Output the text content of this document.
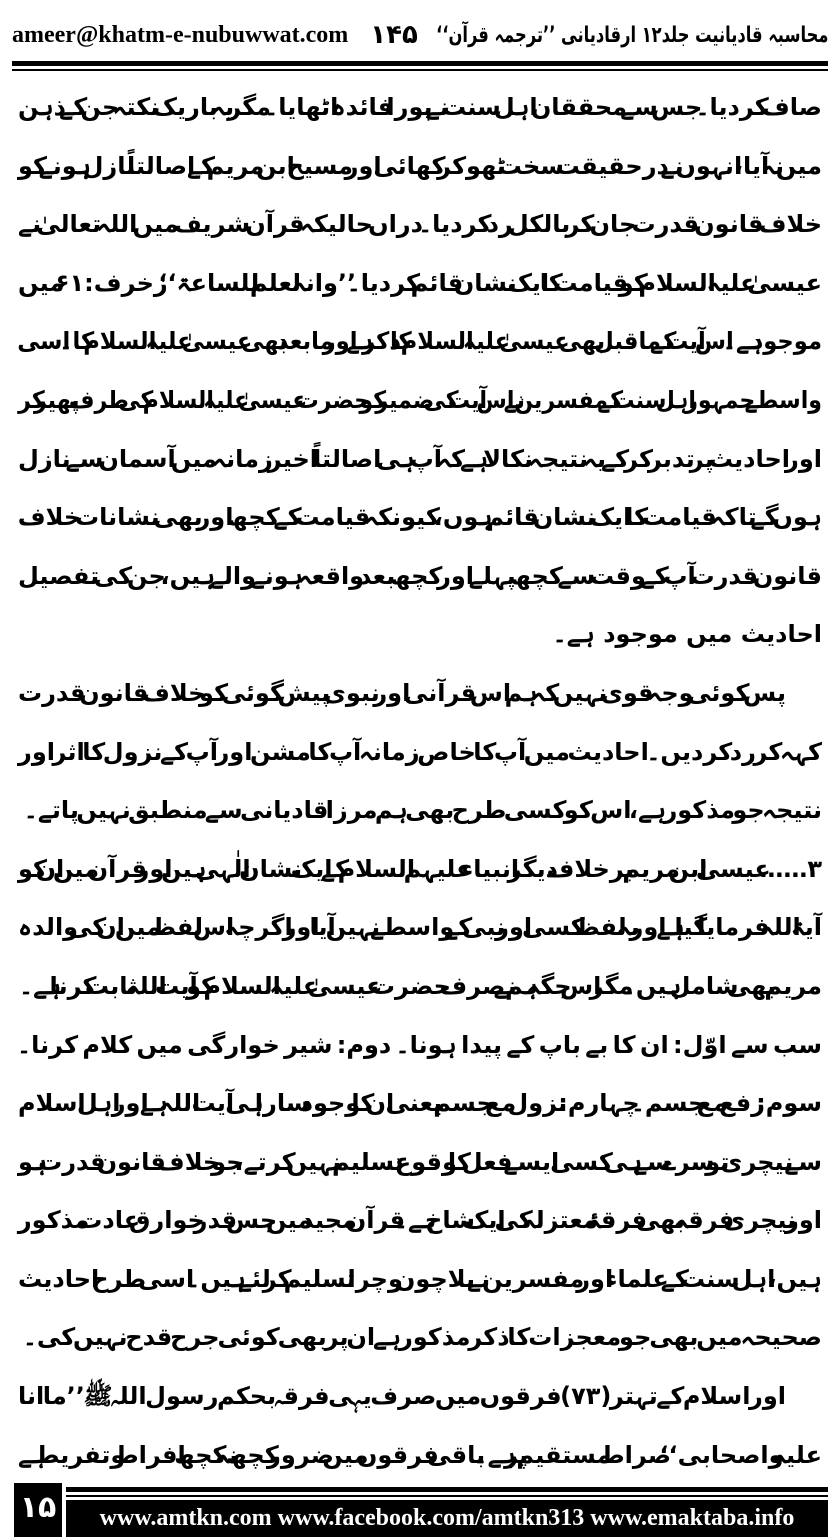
ameer@khatm-e-nubuwwat.com ۱۴۵ محاسبہ قادیانیت جلد۱۲ ارقادیانی ’’ترجمہ قرآن‘‘
صاف کردیا۔ جس سے محققان اہل سنت نے پورا فائدہ اٹھایا۔ مگر یہ باریک نکتہ جن کے ذہن
میں نہ آیا، انہوں نے درحقیقت سخت ٹھوکر کھائی اور مسیح ابن مریم کے اصالتاً نازل ہونے کو
خلاف قانون قدرت جان کر بالکل رد کردیا۔ دراں حالیکہ قرآن شریف میں اللہ تعالیٰ نے
عیسیٰ علیہ السلام کو قیامت کا ایک نشان قائم کردیا۔ ’’وانہ لعلم للساعۃ‘‘ زخرف:۶۱ میں
موجود ہے۔ اس آیت کے ماقبل بھی عیسیٰ علیہ السلام کا ذکر ہے اور مابعد بھی عیسیٰ علیہ السلام کا۔ اسی
واسطے جمہور اہل سنت کے مفسرین نے اس آیت کی ضمیر کو حضرت عیسیٰ علیہ السلام کی طرف پھیر کر
اور احادیث پر تدبر کر کے یہ نتیجہ نکالا ہے کہ آپ ہی اصالتاً اخیر زمانہ میں آسمان سے نازل
ہوں گے تاکہ قیامت کا ایک نشان قائم ہوں، کیونکہ قیامت کے کچھ اور بھی نشانات خلاف
قانون قدرت آپ کے وقت سے کچھ پہلے اور کچھ بعد واقعہ ہونے والے ہیں، جن کی تفصیل
احادیث میں موجود ہے۔
پس کوئی وجہ قوی نہیں کہ ہم اس قرآنی اور نبوی پیش گوئی کو خلاف قانون قدرت
کہہ کر رد کردیں۔ احادیث میں آپ کا خاص زمانہ آپ کا مشن اور آپ کے نزول کا اثر اور
نتیجہ جو مذکور ہے، اس کو کسی طرح بھی ہم مرزا قادیانی سے منطبق نہیں پاتے۔
۳…… عیسیٰ ابن مریم برخلاف دیگر انبیاء علیہم السلام کے ایک نشان الٰہی ہیں اور قرآن میں ان کو
آیۃ اللہ فرمایا گیا ہے اور یہ لفظ کسی اور نبی کے واسطے نہیں آیا اور اگرچہ اس لفظ میں ان کی والدہ
مریم بھی شامل ہیں۔ مگر اس جگہ ہم نے صرف حضرت عیسیٰ علیہ السلام کو آیت اللہ ثابت کرنا ہے۔
سب سے اوّل: ان کا بے باپ کے پیدا ہونا۔ دوم: شیر خوارگی میں کلام کرنا۔
سوم: رفع مع جسم۔ چہارم: نزول مع جسم یعنی ان کا وجود سارا ہی آیت اللہ ہے اور اہل اسلام
سے نیچری تو سرے سے ہی کسی ایسے فعل کا وقوع تسلیم نہیں کرتے، جو خلاف قانون قدرت ہو
اور نیچری فرقہ بھی فرقۂ معتزلہ کی ایک شاخ ہے۔ قرآن مجید میں جس قدر خوارق عادت مذکور
ہیں، اہل سنت کے علماء اور مفسرین نے بلاچون وچرا تسلیم کر لئے ہیں۔ اسی طرح احادیث
صحیحہ میں بھی جو معجزات کا ذکر مذکور ہے ان پر بھی کوئی جرح قدح نہیں کی۔
اور اسلام کے تہتر (۷۳) فرقوں میں صرف یہی فرقہ بحکم رسول اللہ ﷺ ’’ما انا
علیہ واصحابی‘‘ صراط مستقیم پر ہے۔ باقی فرقوں میں ضرور کچھ نہ کچھ افراط وتفریط ہے
۱۵	www.amtkn.com www.facebook.com/amtkn313 www.emaktaba.info
